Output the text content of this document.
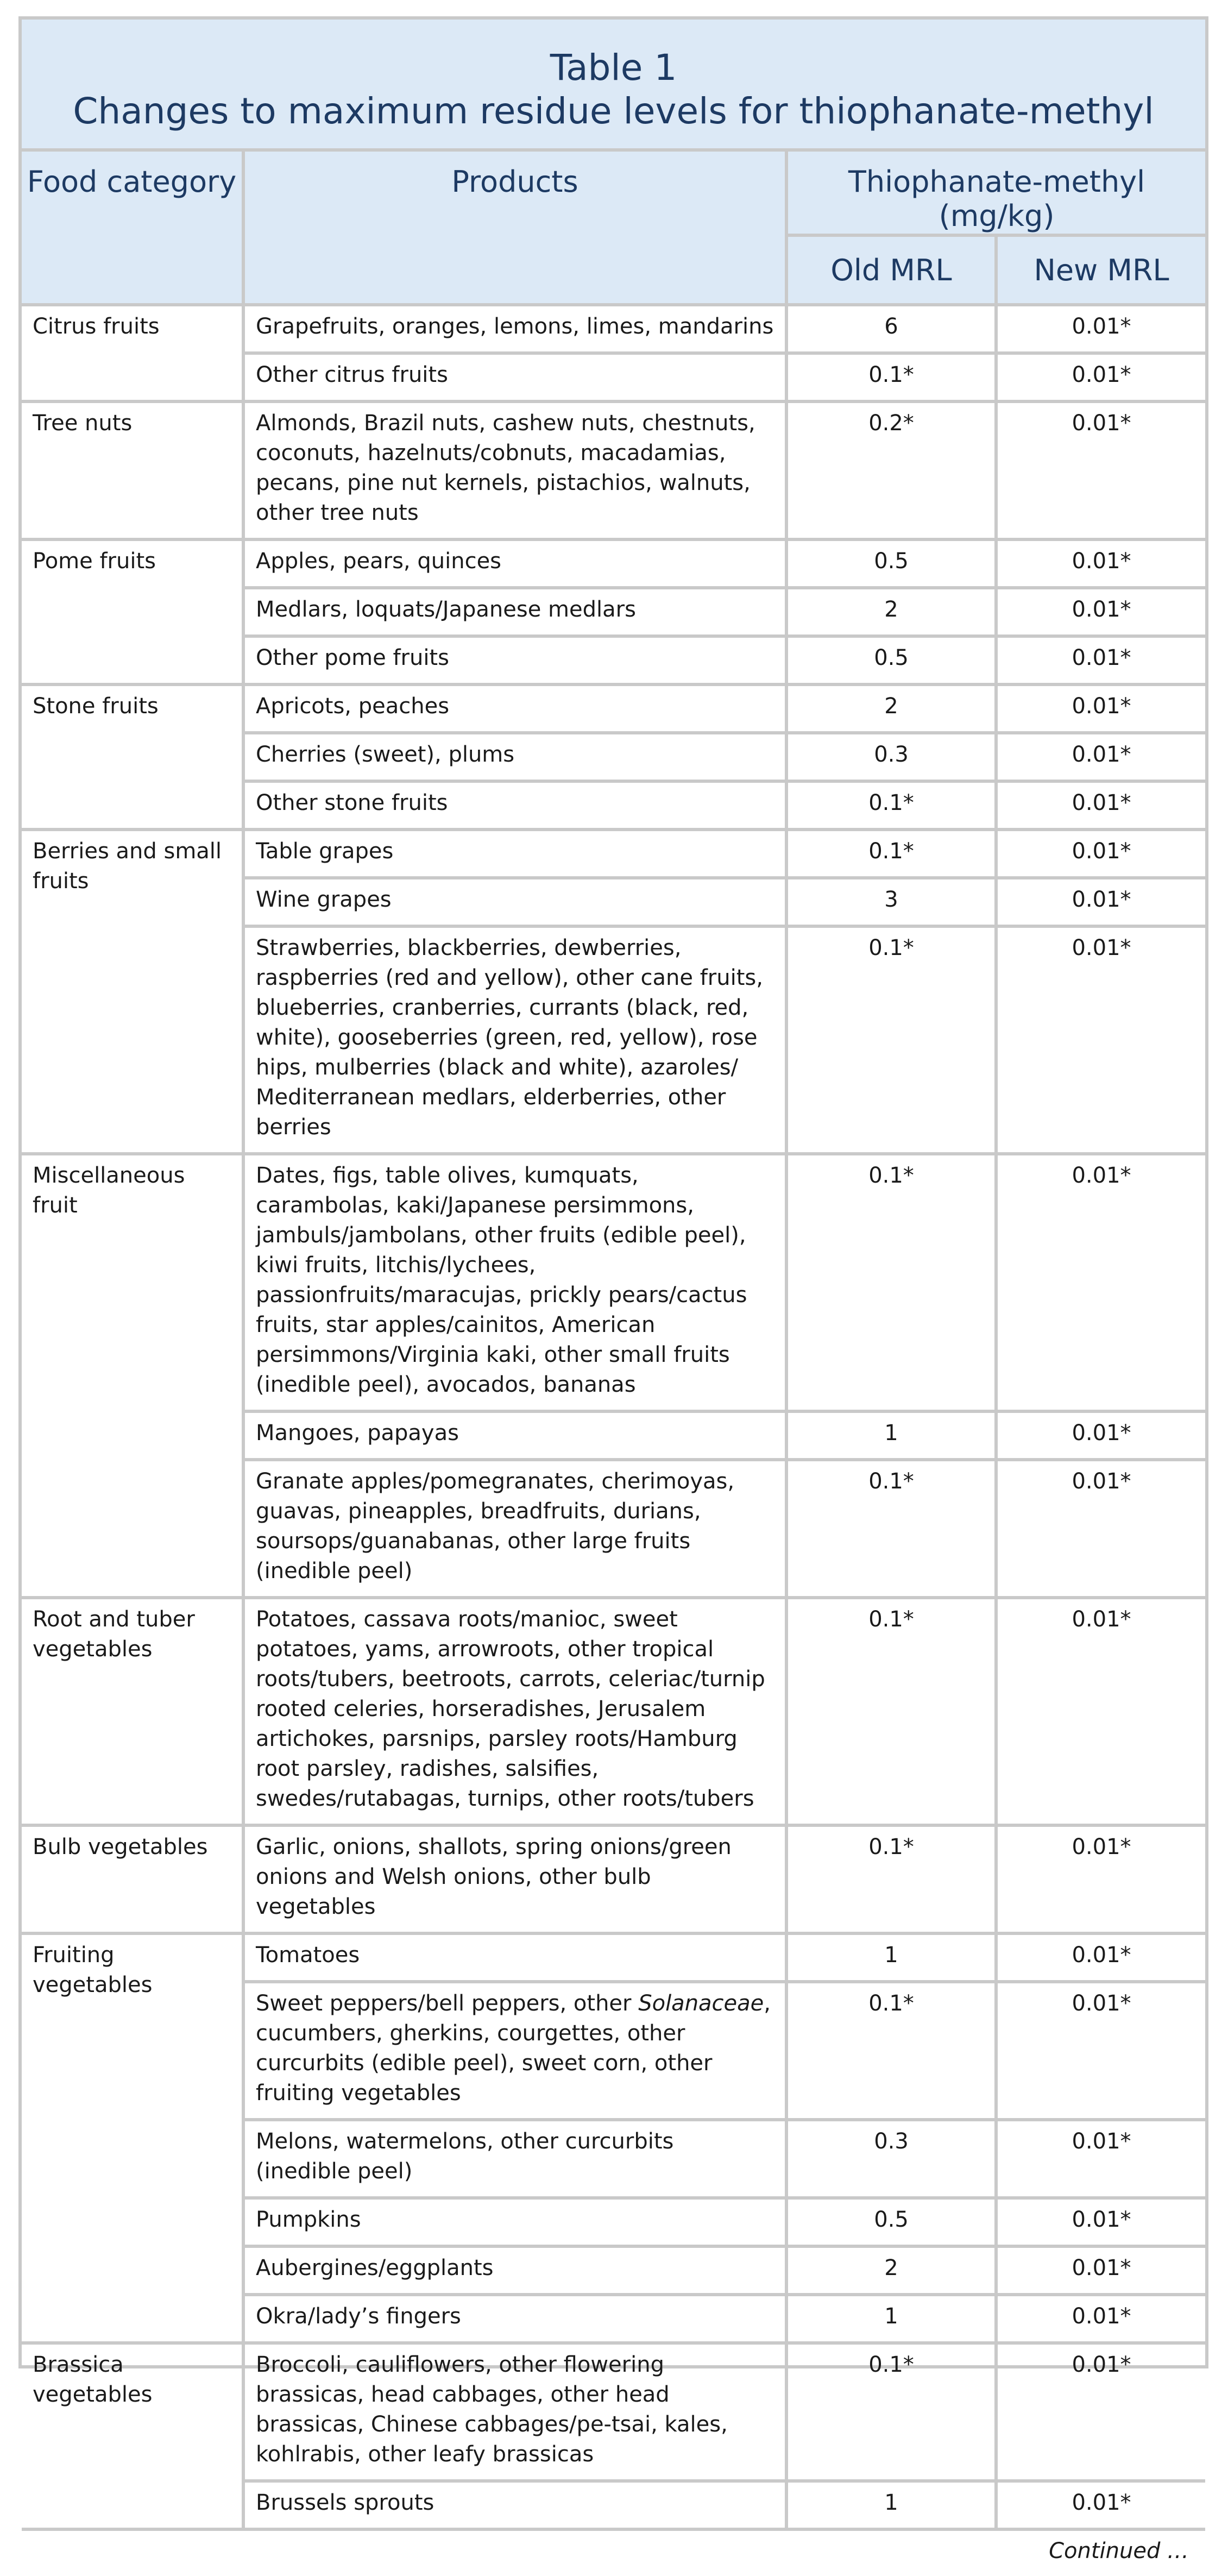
Table 1
Changes to maximum residue levels for thiophanate-methyl			

Food category	Products	Thiophanate-methyl (mg/kg)	
		Old MRL	New MRL
Citrus fruits	Grapefruits, oranges, lemons, limes, mandarins	6	0.01*
	Other citrus fruits	0.1*	0.01*
Tree nuts	Almonds, Brazil nuts, cashew nuts, chestnuts, coconuts, hazelnuts/cobnuts, macadamias, pecans, pine nut kernels, pistachios, walnuts, other tree nuts	0.2*	0.01*
Pome fruits	Apples, pears, quinces	0.5	0.01*
	Medlars, loquats/Japanese medlars	2	0.01*
	Other pome fruits	0.5	0.01*
Stone fruits	Apricots, peaches	2	0.01*
	Cherries (sweet), plums	0.3	0.01*
	Other stone fruits	0.1*	0.01*
Berries and small fruits	Table grapes	0.1*	0.01*
	Wine grapes	3	0.01*
	Strawberries, blackberries, dewberries, raspberries (red and yellow), other cane fruits, blueberries, cranberries, currants (black, red, white), gooseberries (green, red, yellow), rose hips, mulberries (black and white), azaroles/ Mediterranean medlars, elderberries, other berries	0.1*	0.01*
Miscellaneous fruit	Dates, figs, table olives, kumquats, carambolas, kaki/Japanese persimmons, jambuls/jambolans, other fruits (edible peel), kiwi fruits, litchis/lychees, passionfruits/maracujas, prickly pears/cactus fruits, star apples/cainitos, American persimmons/Virginia kaki, other small fruits (inedible peel), avocados, bananas	0.1*	0.01*
	Mangoes, papayas	1	0.01*
	Granate apples/pomegranates, cherimoyas, guavas, pineapples, breadfruits, durians, soursops/guanabanas, other large fruits (inedible peel)	0.1*	0.01*
Root and tuber vegetables	Potatoes, cassava roots/manioc, sweet potatoes, yams, arrowroots, other tropical roots/tubers, beetroots, carrots, celeriac/turnip rooted celeries, horseradishes, Jerusalem artichokes, parsnips, parsley roots/Hamburg root parsley, radishes, salsifies, swedes/rutabagas, turnips, other roots/tubers	0.1*	0.01*
Bulb vegetables	Garlic, onions, shallots, spring onions/green onions and Welsh onions, other bulb vegetables	0.1*	0.01*
Fruiting vegetables	Tomatoes	1	0.01*
	Sweet peppers/bell peppers, other Solanaceae, cucumbers, gherkins, courgettes, other curcurbits (edible peel), sweet corn, other fruiting vegetables	0.1*	0.01*
	Melons, watermelons, other curcurbits (inedible peel)	0.3	0.01*
	Pumpkins	0.5	0.01*
	Aubergines/eggplants	2	0.01*
	Okra/lady’s fingers	1	0.01*
Brassica vegetables	Broccoli, cauliflowers, other flowering brassicas, head cabbages, other head brassicas, Chinese cabbages/pe-tsai, kales, kohlrabis, other leafy brassicas	0.1*	0.01*
	Brussels sprouts	1	0.01*
Continued …			
